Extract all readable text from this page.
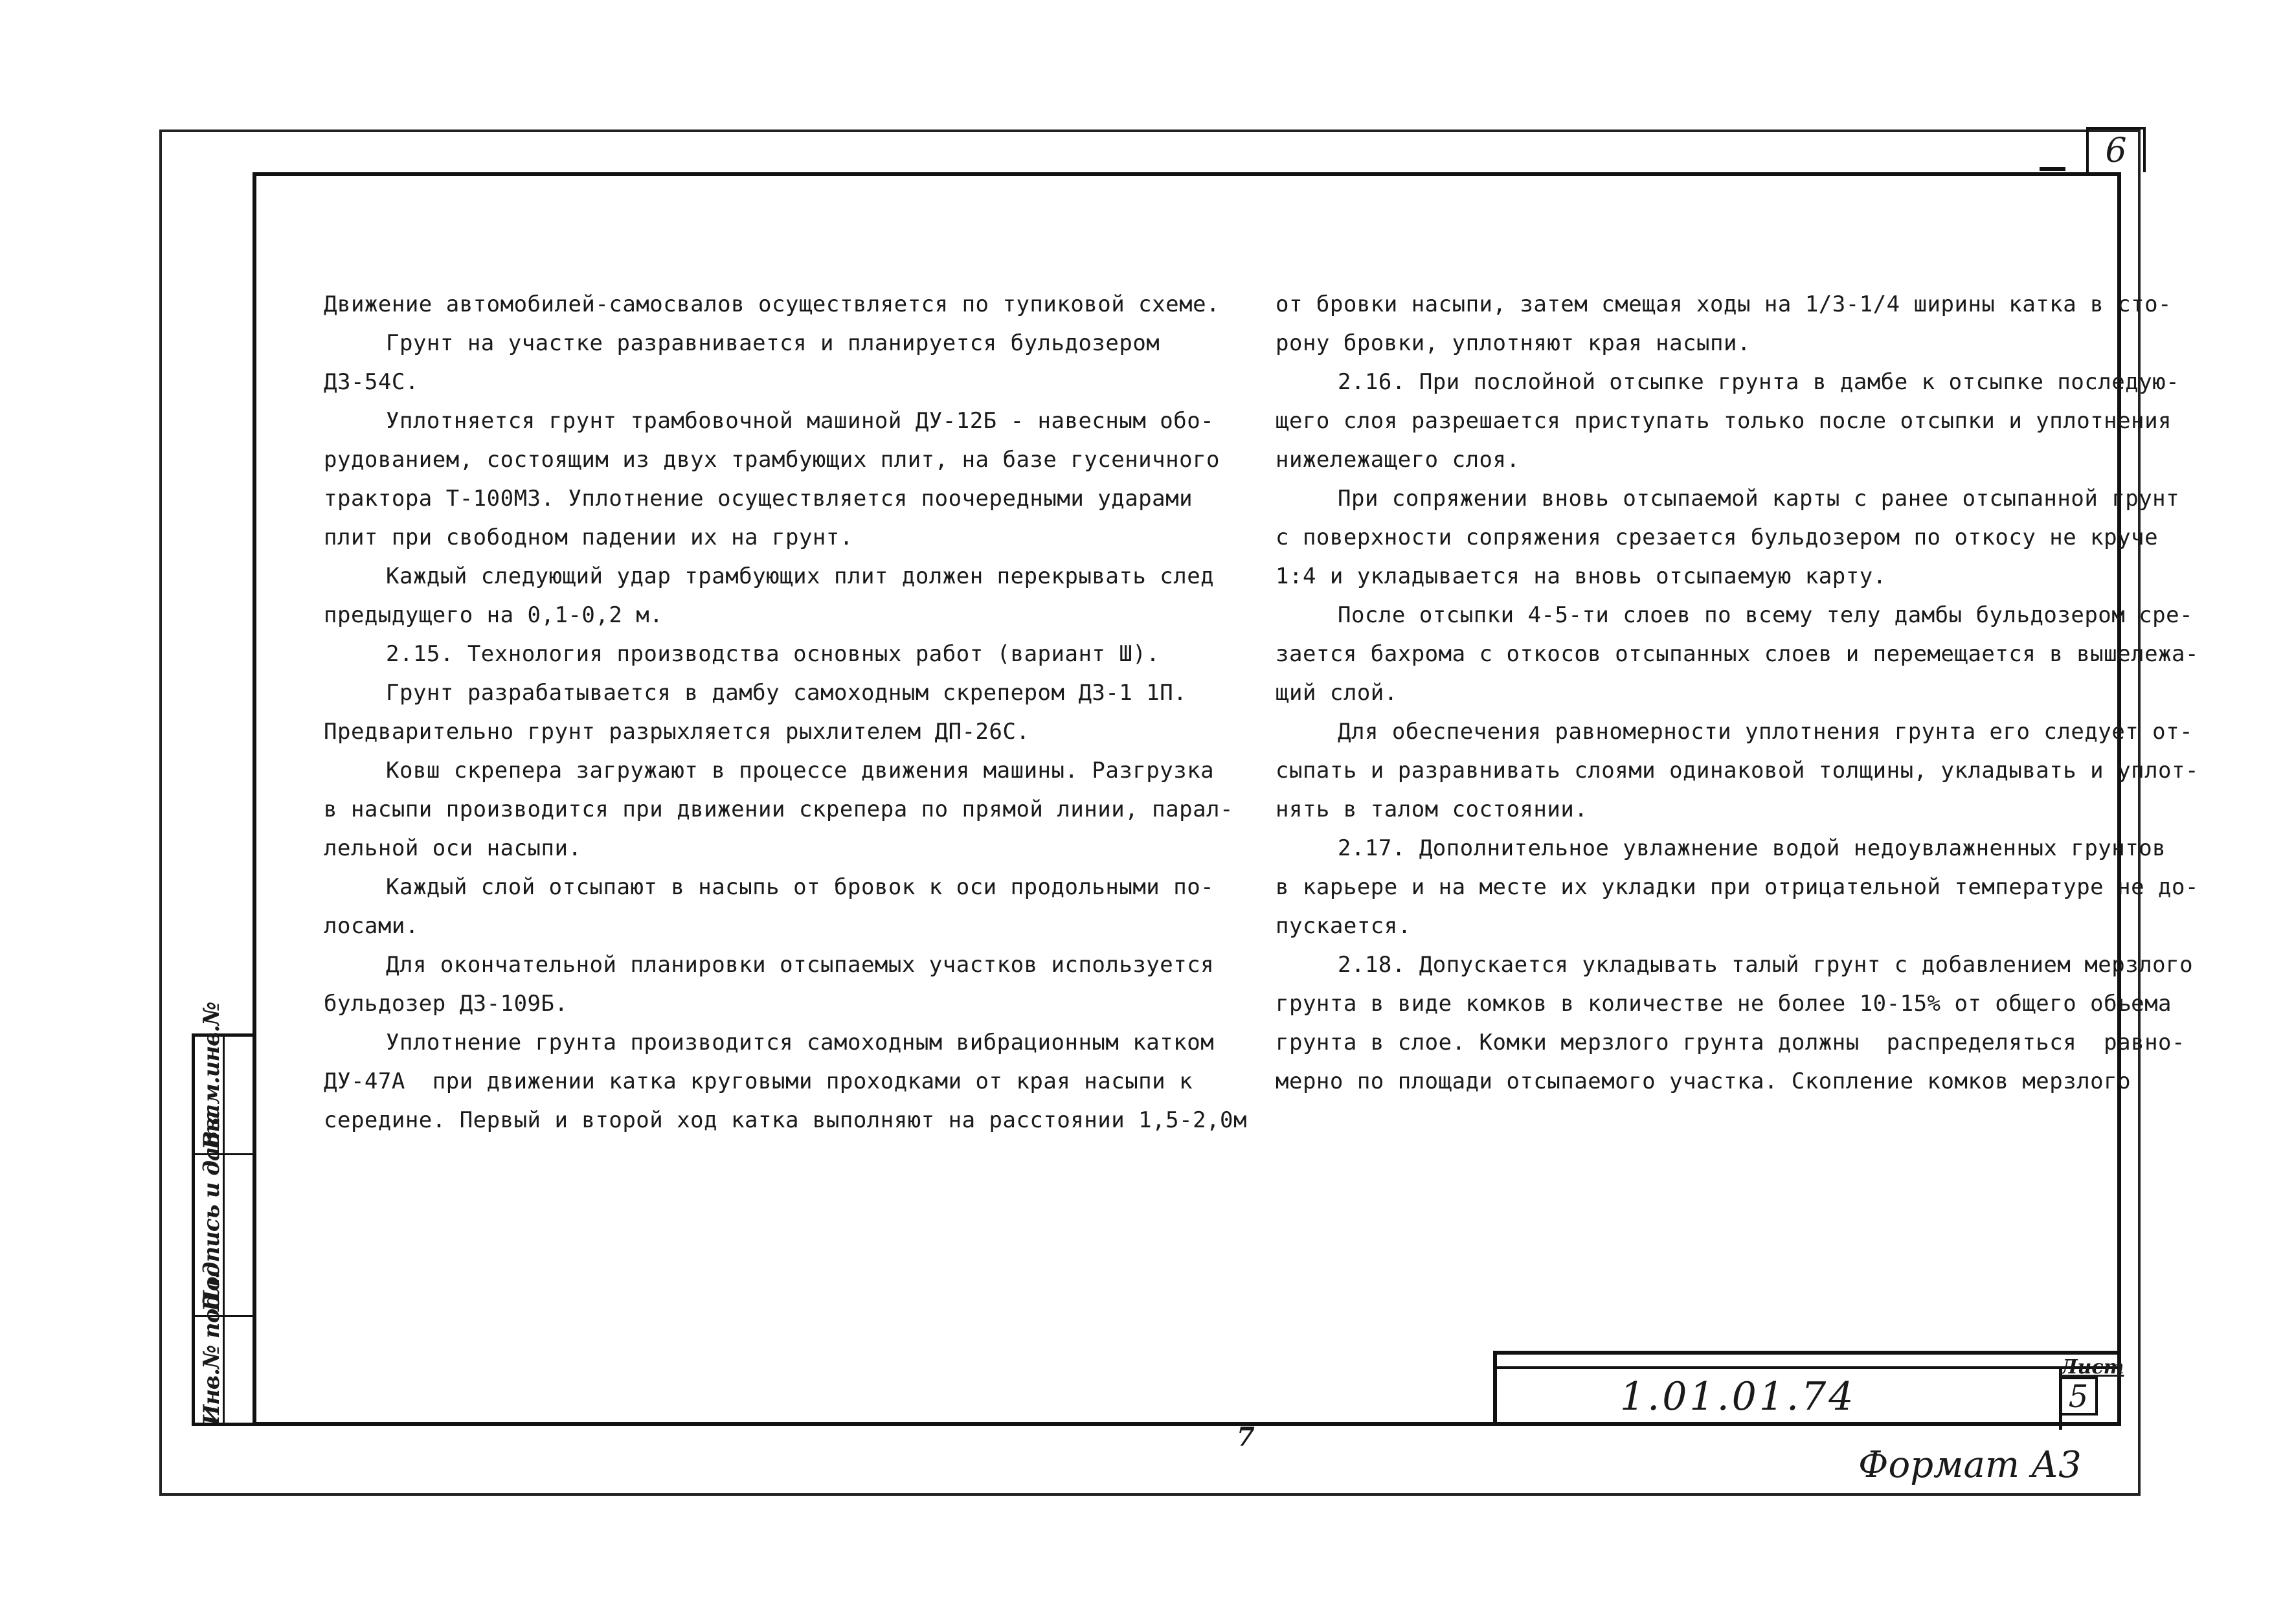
6
Инв.№ подл.
Подпись и дата
Взам.инв.№

Движение автомобилей-самосвалов осуществляется по тупиковой схеме.

Грунт на участке разравнивается и планируется бульдозером

ДЗ-54С.

Уплотняется грунт трамбовочной машиной ДУ-12Б - навесным обо-

рудованием, состоящим из двух трамбующих плит, на базе гусеничного

трактора Т-100МЗ. Уплотнение осуществляется поочередными ударами

плит при свободном падении их на грунт.

Каждый следующий удар трамбующих плит должен перекрывать след

предыдущего на 0,1-0,2 м.

2.15. Технология производства основных работ (вариант Ш).

Грунт разрабатывается в дамбу самоходным скрепером ДЗ-1 1П.

Предварительно грунт разрыхляется рыхлителем ДП-26С.

Ковш скрепера загружают в процессе движения машины. Разгрузка

в насыпи производится при движении скрепера по прямой линии, парал-

лельной оси насыпи.

Каждый слой отсыпают в насыпь от бровок к оси продольными по-

лосами.

Для окончательной планировки отсыпаемых участков используется

бульдозер ДЗ-109Б.

Уплотнение грунта производится самоходным вибрационным катком

ДУ-47А  при движении катка круговыми проходками от края насыпи к

середине. Первый и второй ход катка выполняют на расстоянии 1,5-2,0м

от бровки насыпи, затем смещая ходы на 1/3-1/4 ширины катка в сто-

рону бровки, уплотняют края насыпи.

2.16. При послойной отсыпке грунта в дамбе к отсыпке последую-

щего слоя разрешается приступать только после отсыпки и уплотнения

нижележащего слоя.

При сопряжении вновь отсыпаемой карты с ранее отсыпанной грунт

с поверхности сопряжения срезается бульдозером по откосу не круче

1:4 и укладывается на вновь отсыпаемую карту.

После отсыпки 4-5-ти слоев по всему телу дамбы бульдозером сре-

зается бахрома с откосов отсыпанных слоев и перемещается в вышележа-

щий слой.

Для обеспечения равномерности уплотнения грунта его следует от-

сыпать и разравнивать слоями одинаковой толщины, укладывать и уплот-

нять в талом состоянии.

2.17. Дополнительное увлажнение водой недоувлажненных грунтов

в карьере и на месте их укладки при отрицательной температуре не до-

пускается.

2.18. Допускается укладывать талый грунт с добавлением мерзлого

грунта в виде комков в количестве не более 10-15% от общего объема

грунта в слое. Комки мерзлого грунта должны  распределяться  равно-

мерно по площади отсыпаемого участка. Скопление комков мерзлого

1.01.01.74
Лист
5
7
Формат А3
